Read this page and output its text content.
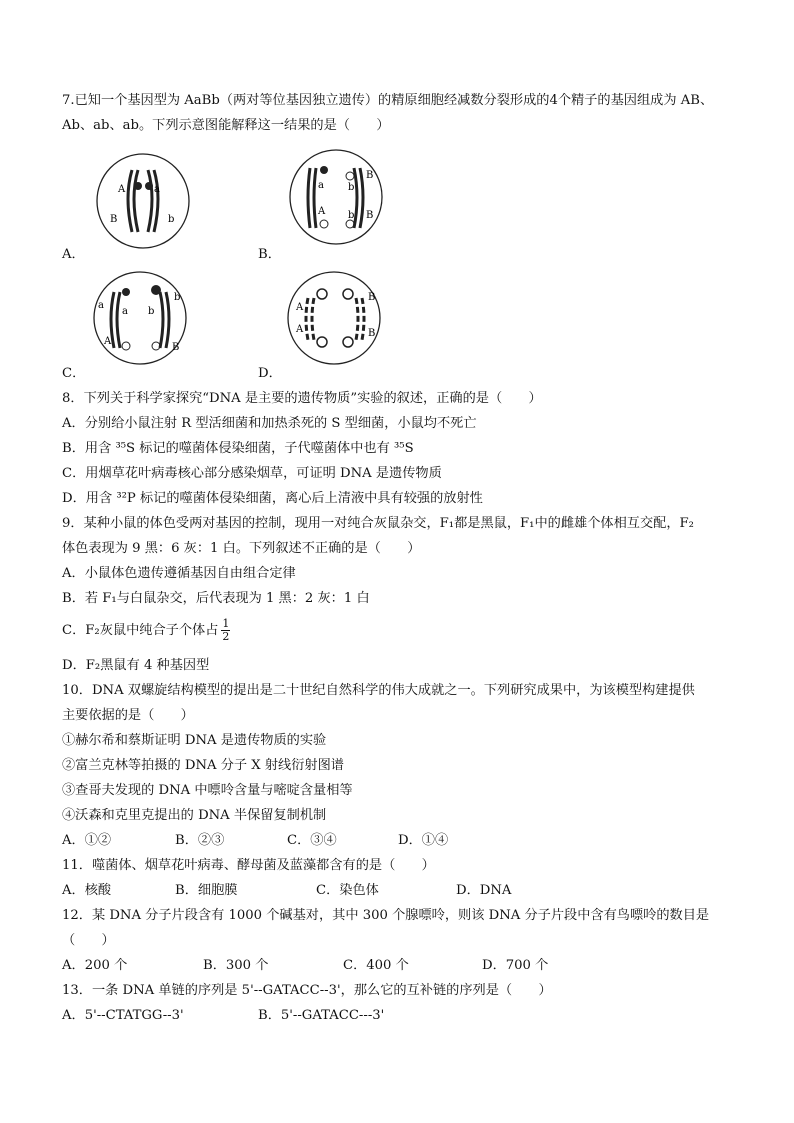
7.已知一个基因型为 AaBb（两对等位基因独立遗传）的精原细胞经减数分裂形成的4个精子的基因组成为 AB、
Ab、ab、ab。下列示意图能解释这一结果的是（　　）
A．
A	a
B	b
B．
a b
B
A b B
C．
a
b
a b
A
B
D．
A
A
B
B
8．下列关于科学家探究“DNA 是主要的遗传物质”实验的叙述，正确的是（　　）
A．分别给小鼠注射 R 型活细菌和加热杀死的 S 型细菌，小鼠均不死亡
B．用含 ³⁵S 标记的噬菌体侵染细菌，子代噬菌体中也有 ³⁵S
C．用烟草花叶病毒核心部分感染烟草，可证明 DNA 是遗传物质
D．用含 ³²P 标记的噬菌体侵染细菌，离心后上清液中具有较强的放射性
9．某种小鼠的体色受两对基因的控制，现用一对纯合灰鼠杂交，F₁都是黑鼠，F₁中的雌雄个体相互交配，F₂
体色表现为 9 黑：6 灰：1 白。下列叙述不正确的是（　　）
A．小鼠体色遗传遵循基因自由组合定律
B．若 F₁与白鼠杂交，后代表现为 1 黑：2 灰：1 白
C．F₂灰鼠中纯合子个体占 $\frac{1}{2}$
D．F₂黑鼠有 4 种基因型
10．DNA 双螺旋结构模型的提出是二十世纪自然科学的伟大成就之一。下列研究成果中，为该模型构建提供
主要依据的是（　　）
①赫尔希和蔡斯证明 DNA 是遗传物质的实验
②富兰克林等拍摄的 DNA 分子 X 射线衍射图谱
③查哥夫发现的 DNA 中嘌呤含量与嘧啶含量相等
④沃森和克里克提出的 DNA 半保留复制机制
A．①②	B．②③	C．③④	D．①④
11．噬菌体、烟草花叶病毒、酵母菌及蓝藻都含有的是（　　）
A．核酸	B．细胞膜	C．染色体	D．DNA
12．某 DNA 分子片段含有 1000 个碱基对，其中 300 个腺嘌呤，则该 DNA 分子片段中含有鸟嘌呤的数目是
（　　）
A．200 个	B．300 个	C．400 个	D．700 个
13．一条 DNA 单链的序列是 5'--GATACC--3'，那么它的互补链的序列是（　　）
A．5'--CTATGG--3'	B．5'--GATACC---3'
